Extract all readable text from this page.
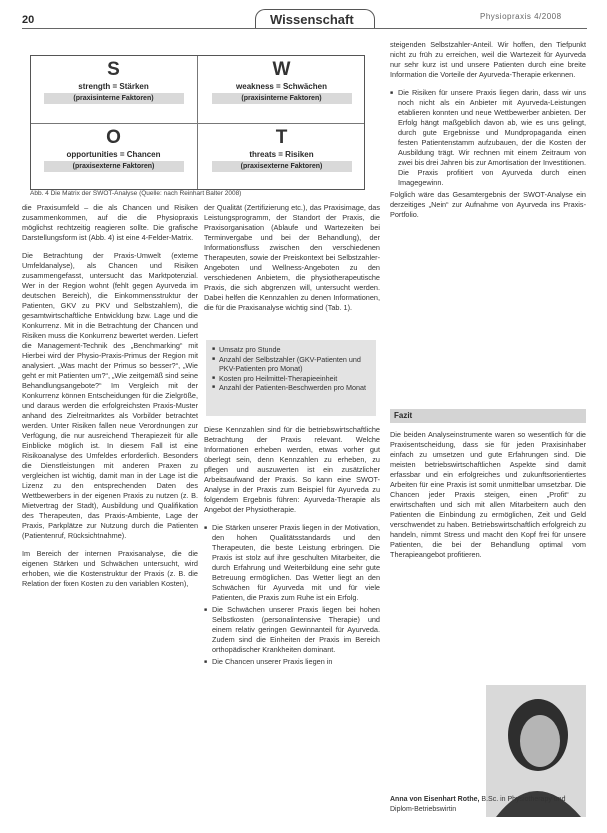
20	Wissenschaft	Physiopraxis 4/2008
S
strength = Stärken
(praxisinterne Faktoren)
W
weakness = Schwächen
(praxisinterne Faktoren)
O
opportunities = Chancen
(praxisexterne Faktoren)
T
threats = Risiken
(praxisexterne Faktoren)
Abb. 4 Die Matrix der SWOT-Analyse (Quelle: nach Reinhart Balter 2008)

die Praxisumfeld – die als Chancen und Risiken zusammenkommen, auf die die Physiopraxis möglichst rechtzeitig reagieren sollte. Die grafische Darstellungsform ist (Abb. 4) ist eine 4-Felder-Matrix.

Die Betrachtung der Praxis-Umwelt (externe Umfeldanalyse), als Chancen und Risiken zusammengefasst, untersucht das Marktpotenzial. Wer in der Region wohnt (fehlt gegen Ayurveda im deutschen Bereich), die Einkommensstruktur der Patienten, GKV zu PKV und Selbstzahlern), die gesamtwirtschaftliche Entwicklung bzw. Lage und die Konkurrenz. Mit in die Betrachtung der Chancen und Risiken muss die Konkurrenz bewertet werden. Liefert die Management-Technik des „Benchmarking“ mit Hierbei wird der Physio-Praxis-Primus der Region mit analysiert. „Was macht der Primus so besser?“, „Wie geht er mit Patienten um?“, „Wie zeitgemäß sind seine Behandlungsangebote?“ Im Vergleich mit der Konkurrenz können Entscheidungen für die Zielgröße, und daraus werden die erfolgreichsten Praxis-Muster anhand des Zielreitmarktes als Vorbilder betrachtet werden. Unter Risiken fallen neue Verordnungen zur Verfügung, die nur ausreichend Therapiezeit für alle Einblicke möglich ist. In diesem Fall ist eine Risikoanalyse des Umfeldes erforderlich. Besonders die Dienstleistungen mit anderen Praxen zu vergleichen ist wichtig, damit man in der Lage ist die Lizenz zu den entsprechenden Daten des Wettbewerbers in der eigenen Praxis zu nutzen (z. B. Mietvertrag der Stadt), Ausbildung und Qualifikation des Therapeuten, das Praxis-Ambiente, Lage der Praxis, Parkplätze zur Nutzung durch die Patienten (Patientenruf, Rücksichtnahme).

Im Bereich der internen Praxisanalyse, die die eigenen Stärken und Schwächen untersucht, wird erhoben, wie die Kostenstruktur der Praxis (z. B. die Relation der fixen Kosten zu den variablen Kosten),

der Qualität (Zertifizierung etc.), das Praxisimage, das Leistungsprogramm, der Standort der Praxis, die Praxisorganisation (Ablaufe und Wartezeiten bei Terminvergabe und bei der Behandlung), der Informationsfluss zwischen den verschiedenen Therapeuten, sowie der Preiskontext bei Selbstzahler-Angeboten und Wellness-Angeboten zu den verschiedenen Anbietern, die physiotherapeutische Praxis, die sich abgrenzen will, untersucht werden. Dabei helfen die Kennzahlen zu denen Informationen, die für die Praxisanalyse wichtig sind (Tab. 1).

■ Umsatz pro Stunde
■ Anzahl der Selbstzahler (GKV-Patienten und PKV-Patienten pro Monat)
■ Kosten pro Heilmittel-Therapieeinheit
■ Anzahl der Patienten-Beschwerden pro Monat

Diese Kennzahlen sind für die betriebswirtschaftliche Betrachtung der Praxis relevant. Welche Informationen erheben werden, etwas vorher gut überlegt sein, denn Kennzahlen zu erheben, zu pflegen und auszuwerten ist ein zusätzlicher Arbeitsaufwand der Praxis. So kann eine SWOT-Analyse in der Praxis zum Beispiel für Ayurveda zu folgendem Ergebnis führen: Ayurveda-Therapie als Angebot der Physiotherapie.

■ Die Stärken unserer Praxis liegen in der Motivation, den hohen Qualitätsstandards und den Therapeuten, die beste Leistung erbringen. Die Praxis ist stolz auf ihre geschulten Mitarbeiter, die durch Erfahrung und Weiterbildung eine sehr gute Betreuung ermöglichen. Das Wetter liegt an den Schwächen für Ayurveda mit und für viele Patienten, die Praxis zum Ruhe ist ein Erfolg.
■ Die Schwächen unserer Praxis liegen bei hohen Selbstkosten (personalintensive Therapie) und einem relativ geringen Gewinnanteil für Ayurveda. Zudem sind die Einheiten der Praxis im Bereich orthopädischer Krankheiten dominant.
■ Die Chancen unserer Praxis liegen in

steigenden Selbstzahler-Anteil. Wir hoffen, den Tiefpunkt nicht zu früh zu erreichen, weil die Wartezeit für Ayurveda nur sehr kurz ist und unsere Patienten durch eine breite Information die Vorteile der Ayurveda-Therapie erkennen.

■ Die Risiken für unsere Praxis liegen darin, dass wir uns noch nicht als ein Anbieter mit Ayurveda-Leistungen etablieren konnten und neue Wettbewerber anbieten. Der Erfolg hängt maßgeblich davon ab, wie es uns gelingt, durch gute Ergebnisse und Mundpropaganda einen festen Patientenstamm aufzubauen, der die Kosten der Ausbildung trägt. Wir rechnen mit einem Zeitraum von zwei bis drei Jahren bis zur Amortisation der Investitionen. Die Praxis profitiert von Ayurveda durch einen Imagegewinn.

Folglich wäre das Gesamtergebnis der SWOT-Analyse ein derzeitiges „Nein“ zur Aufnahme von Ayurveda ins Praxis-Portfolio.

Fazit

Die beiden Analyseinstrumente waren so wesentlich für die Praxisentscheidung, dass sie für jeden Praxisinhaber einfach zu umsetzen und gute Erfahrungen sind. Die meisten betriebswirtschaftlichen Aspekte sind damit erfassbar und ein erfolgreiches und zukunftsorientiertes Arbeiten für eine Praxis ist somit unmittelbar umsetzbar. Die Chancen jeder Praxis steigen, einen „Profit“ zu erwirtschaften und sich mit allen Mitarbeitern auch den Patienten die Einbindung zu ermöglichen, Zeit und Geld verschwendet zu haben. Betriebswirtschaftlich erfolgreich zu handeln, nimmt Stress und macht den Kopf frei für unsere Patienten, die bei der Behandlung optimal vom Therapieangebot profitieren.

Anna von Eisenhart Rothe, B.Sc. in Physiotherapy und Diplom-Betriebswirtin
